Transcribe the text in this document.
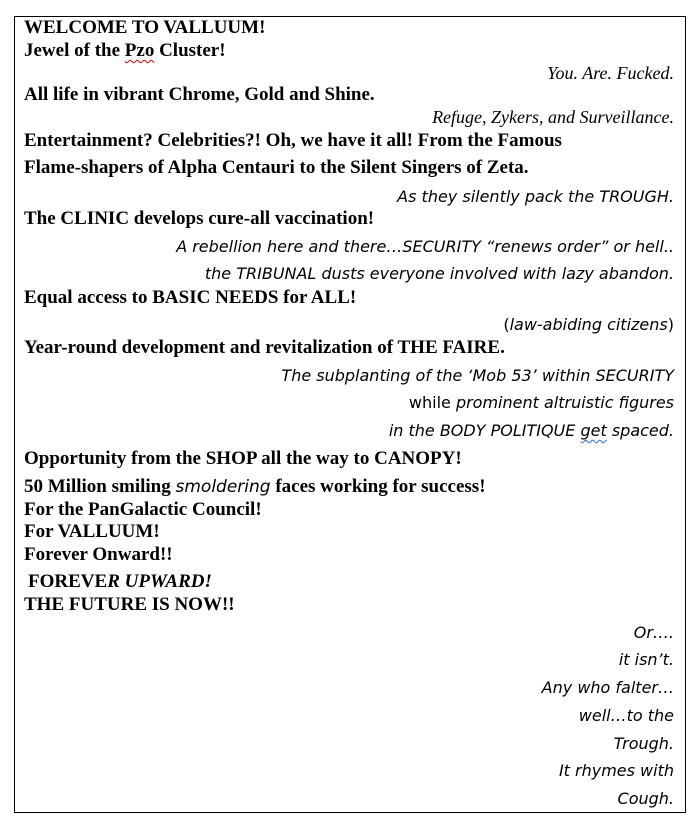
WELCOME TO VALLUUM!
Jewel of the Pzo Cluster!
You. Are. Fucked.
All life in vibrant Chrome, Gold and Shine.
Refuge, Zykers, and Surveillance.
Entertainment? Celebrities?! Oh, we have it all! From the Famous
Flame-shapers of Alpha Centauri to the Silent Singers of Zeta.
As they silently pack the TROUGH.
The CLINIC develops cure-all vaccination!
A rebellion here and there…SECURITY “renews order” or hell..
the TRIBUNAL dusts everyone involved with lazy abandon.
Equal access to BASIC NEEDS for ALL!
(law-abiding citizens)
Year-round development and revitalization of THE FAIRE.
The subplanting of the ‘Mob 53’ within SECURITY
while prominent altruistic figures
in the BODY POLITIQUE get spaced.
Opportunity from the SHOP all the way to CANOPY!
50 Million smiling smoldering faces working for success!
For the PanGalactic Council!
For VALLUUM!
Forever Onward!!
FOREVER UPWARD!
THE FUTURE IS NOW!!
Or….
it isn’t.
Any who falter…
well…to the
Trough.
It rhymes with
Cough.
